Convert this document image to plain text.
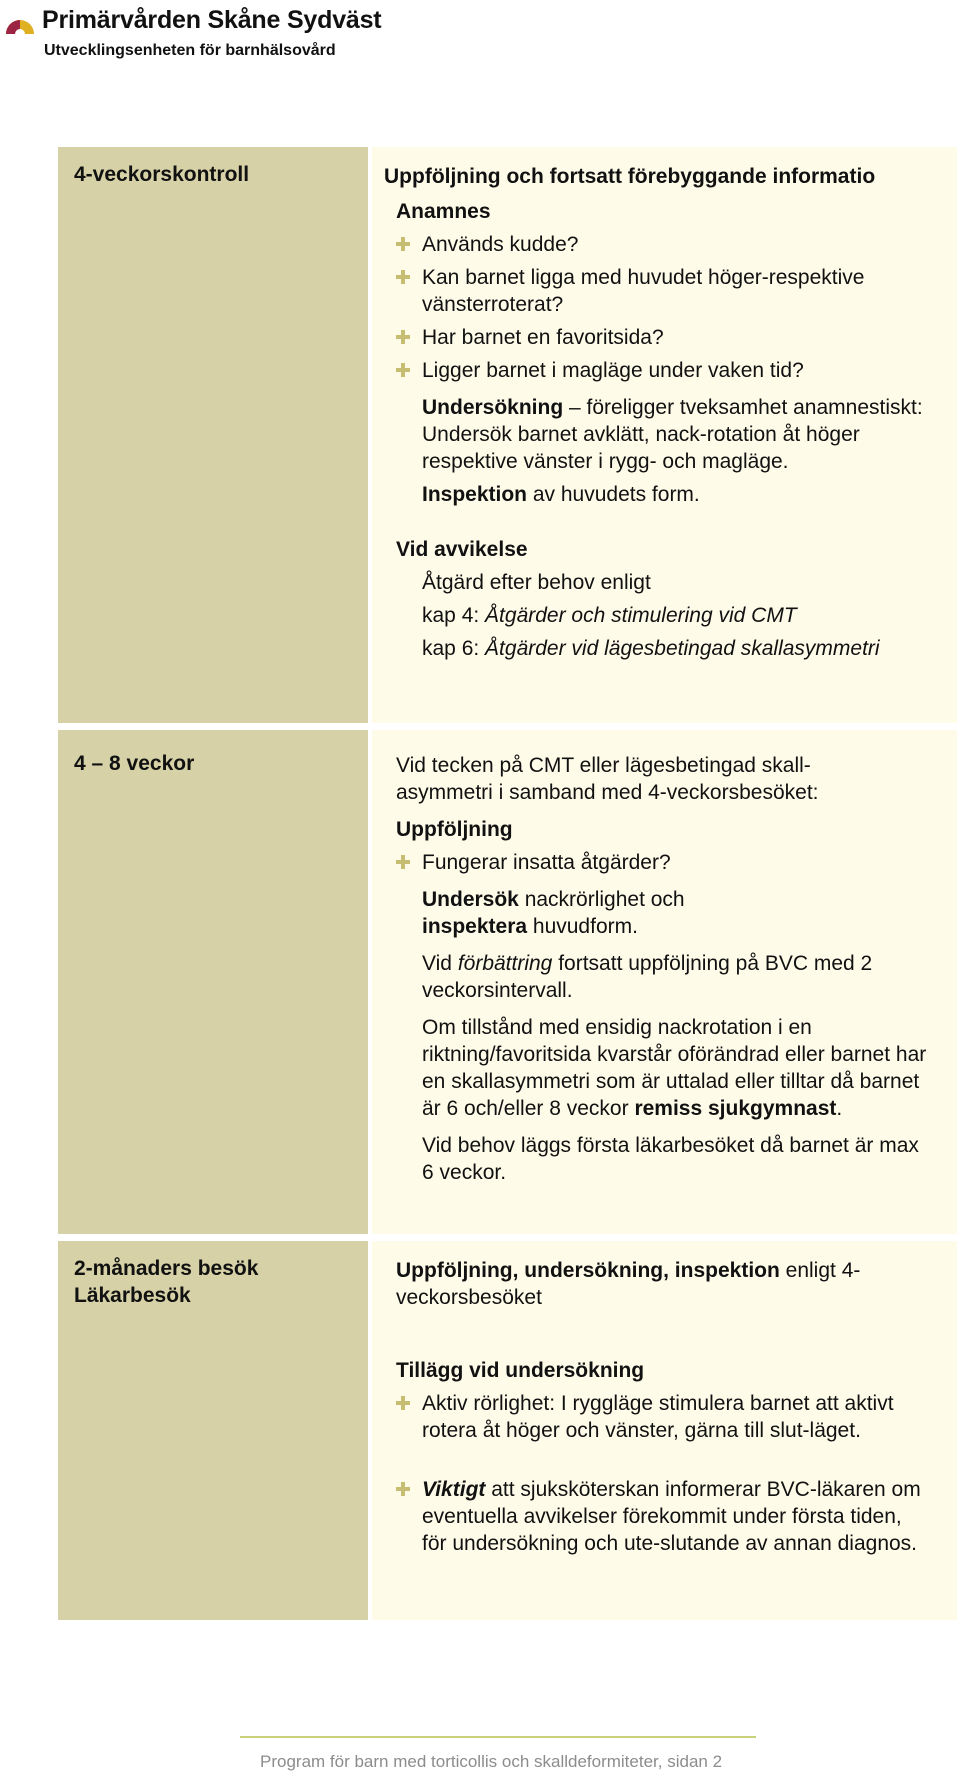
Primärvården Skåne Sydväst
Utvecklingsenheten för barnhälsovård
4-veckorskontroll	Uppföljning och fortsatt förebyggande informatio
Anamnes
Används kudde?
Kan barnet ligga med huvudet höger-respektive vänsterroterat?
Har barnet en favoritsida?
Ligger barnet i magläge under vaken tid?
Undersökning – föreligger tveksamhet anamnestiskt: Undersök barnet avklätt, nack-rotation åt höger respektive vänster i rygg- och magläge.
Inspektion av huvudets form.
Vid avvikelse
Åtgärd efter behov enligt
kap 4: Åtgärder och stimulering vid CMT
kap 6: Åtgärder vid lägesbetingad skallasymmetri
4 – 8 veckor	Vid tecken på CMT eller lägesbetingad skall-asymmetri i samband med 4-veckorsbesöket:
Uppföljning
Fungerar insatta åtgärder?
Undersök nackrörlighet och inspektera huvudform.
Vid förbättring fortsatt uppföljning på BVC med 2 veckorsintervall.
Om tillstånd med ensidig nackrotation i en riktning/favoritsida kvarstår oförändrad eller barnet har en skallasymmetri som är uttalad eller tilltar då barnet är 6 och/eller 8 veckor remiss sjukgymnast.
Vid behov läggs första läkarbesöket då barnet är max 6 veckor.
2-månaders besök
Läkarbesök
Uppföljning, undersökning, inspektion enligt 4-veckorsbesöket
Tillägg vid undersökning
Aktiv rörlighet: I ryggläge stimulera barnet att aktivt rotera åt höger och vänster, gärna till slut-läget.
Viktigt att sjuksköterskan informerar BVC-läkaren om eventuella avvikelser förekommit under första tiden, för undersökning och ute-slutande av annan diagnos.
Program för barn med torticollis och skalldeformiteter, sidan 2
